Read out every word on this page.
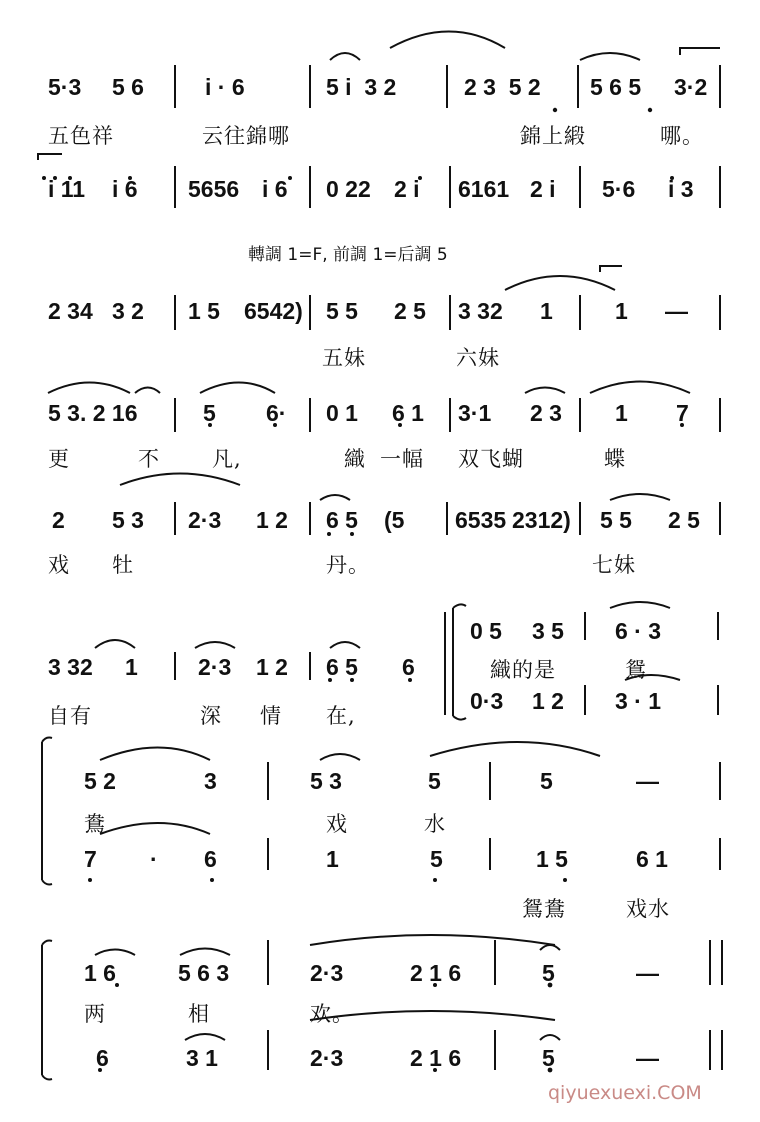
5·3 5 6	i · 6	5 i  3 2	2 3  5 2 5 6 5 3·2
五色祥	云往錦哪	錦上緞	哪。
i 11 i 6 5656 i 6 0 22 2 i 6161 2 i 5·6 i 3
轉調 1=F, 前調 1=后調 5
2 34 3 2 1 5 6542) 5 5 2 5 3 32 1	1 —
五妹	六妹
5 3. 2 16	5 6· 0 1 6 1 3·1 2 3 1 7
更	不 凡,	織 一幅 双飞蝴	蝶
2 5 3 2·3 1 2 6 5 (5 6535 2312) 5 5 2 5
戏 牡	丹。	七妹
3 32 1	2·3 1 2 6 5 6
0 5 3 5 6 · 3
0·3 1 2 3 · 1
自有	深 情 在,
織的是	鴛
5 2	3	5 3	5	5	—
7 · 6	1	5	1 5	6 1
鴦	戏	水
鴛鴦	戏水
1 6	5 6 3	2·3	2 1 6	5	—
6	3 1	2·3	2 1 6	5	—
两	相	欢。
qiyuexuexi.COM
